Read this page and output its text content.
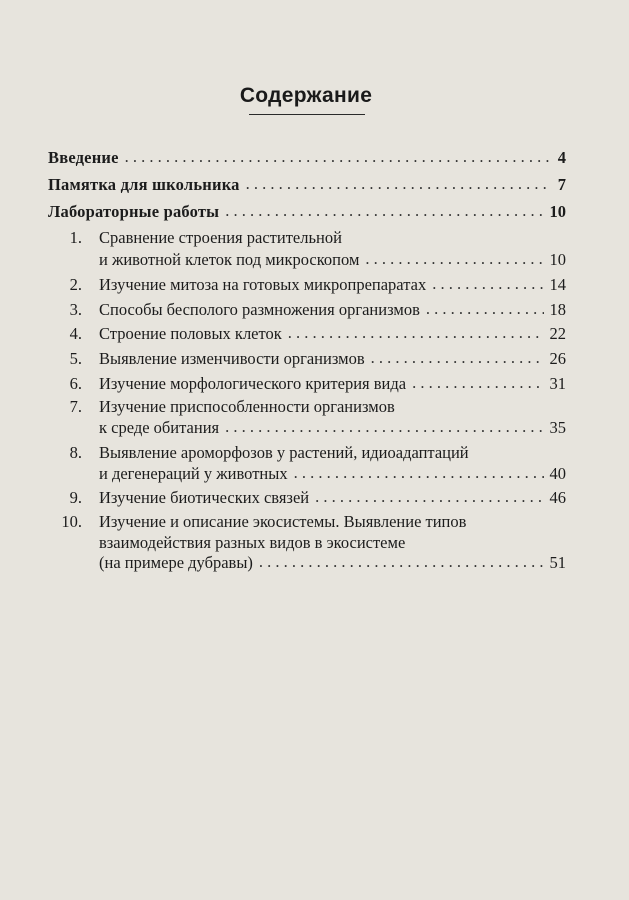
Содержание
Введение . . .	4
Памятка для школьника . . .	7
Лабораторные работы . . .	10
1. Сравнение строения растительной
и животной клеток под микроскопом . . .	10
2. Изучение митоза на готовых микропрепаратах . . .	14
3. Способы бесполого размножения организмов . . .	18
4. Строение половых клеток . . .	22
5. Выявление изменчивости организмов . . .	26
6. Изучение морфологического критерия вида . . .	31
7. Изучение приспособленности организмов
к среде обитания . . .	35
8. Выявление ароморфозов у растений, идиоадаптаций
и дегенераций у животных . . .	40
9. Изучение биотических связей . . .	46
10. Изучение и описание экосистемы. Выявление типов
взаимодействия разных видов в экосистеме
(на примере дубравы) . . .	51
